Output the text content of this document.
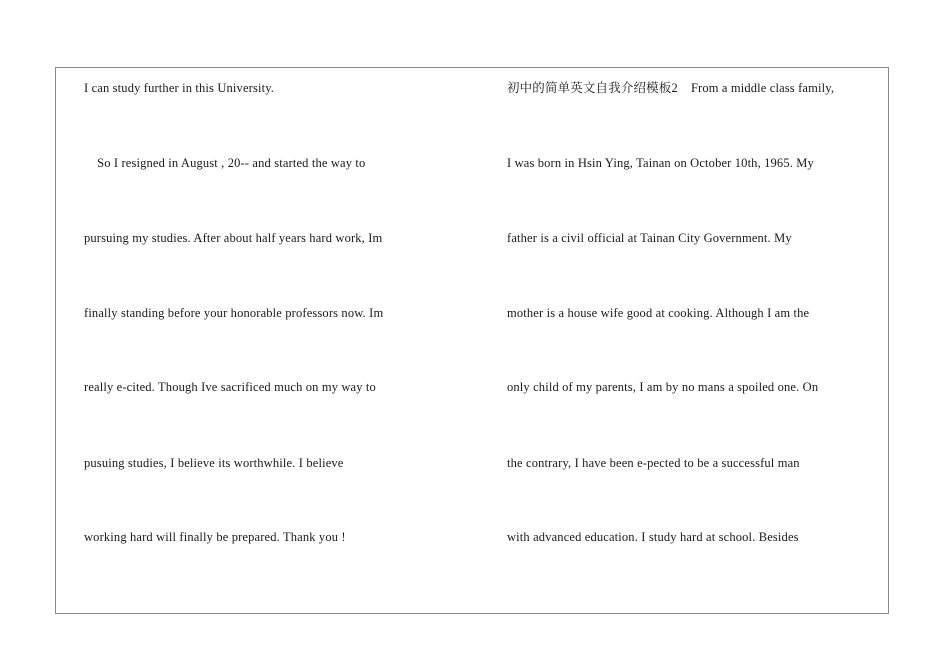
I can study further in this University.
So I resigned in August , 20-- and started the way to
pursuing my studies. After about half years hard work, Im
finally standing before your honorable professors now. Im
really e-cited. Though Ive sacrificed much on my way to
pusuing studies, I believe its worthwhile. I believe
working hard will finally be prepared. Thank you !
初中的简单英文自我介绍模板2    From a middle class family,
I was born in Hsin Ying, Tainan on October 10th, 1965. My
father is a civil official at Tainan City Government. My
mother is a house wife good at cooking. Although I am the
only child of my parents, I am by no mans a spoiled one. On
the contrary, I have been e-pected to be a successful man
with advanced education. I study hard at school. Besides
